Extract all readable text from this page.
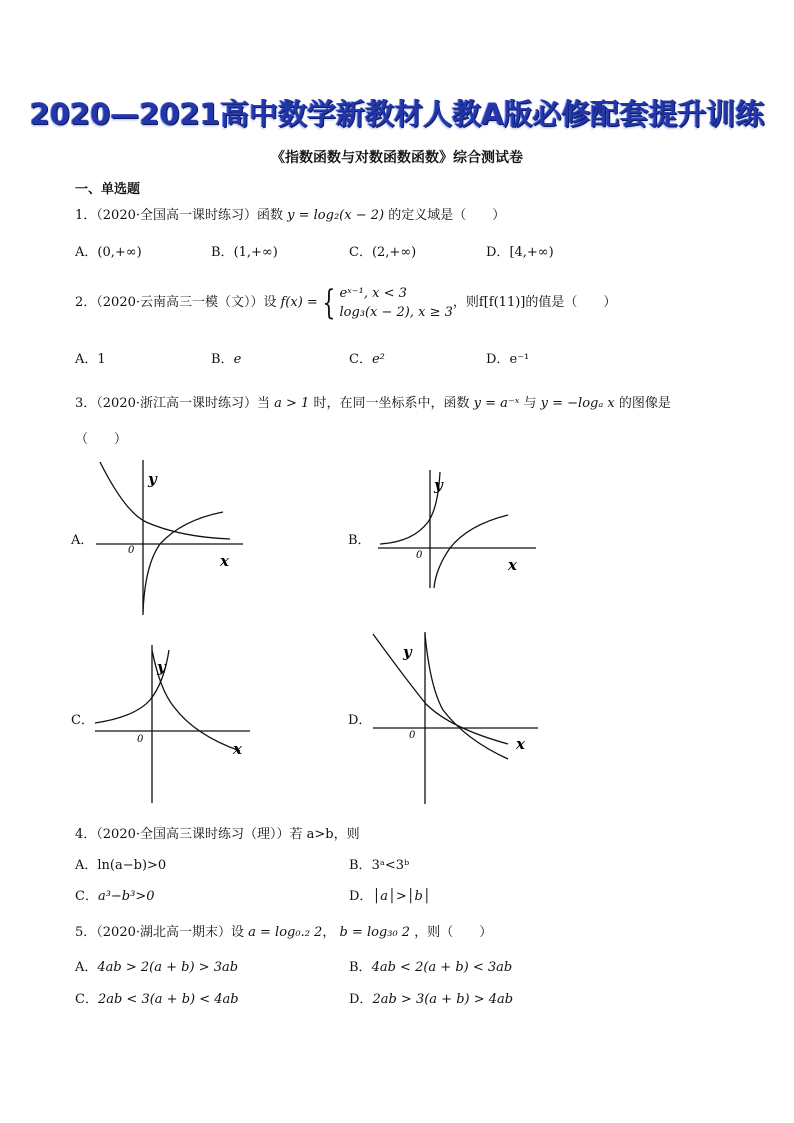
2020—2021高中数学新教材人教A版必修配套提升训练
《指数函数与对数函数函数》综合测试卷
一、单选题
1．（2020·全国高一课时练习）函数 y = log₂(x − 2) 的定义域是（　　）
A．(0,+∞)	B．(1,+∞)	C．(2,+∞)	D．[4,+∞)
2．（2020·云南高三一模（文））设 f(x) = { eˣ⁻¹, x < 3
log₃(x − 2), x ≥ 3
，则f[f(11)]的值是（　　）
A．1	B．e	C．e²	D．e⁻¹
3．（2020·浙江高一课时练习）当 a > 1 时，在同一坐标系中，函数 y = a⁻ˣ 与 y = −logₐ x 的图像是
（　　）
A．	B．
C．	D．
y
0
x
y
0
x
y
0
x
y
0	x
4．（2020·全国高三课时练习（理））若 a>b，则
A．ln(a−b)>0	B．3ᵃ<3ᵇ
C．a³−b³>0	D．│a│>│b│
5．（2020·湖北高一期末）设 a = log₀.₂ 2， b = log₃₀ 2 ，则（　　）
A．4ab > 2(a + b) > 3ab	B．4ab < 2(a + b) < 3ab
C．2ab < 3(a + b) < 4ab	D．2ab > 3(a + b) > 4ab
